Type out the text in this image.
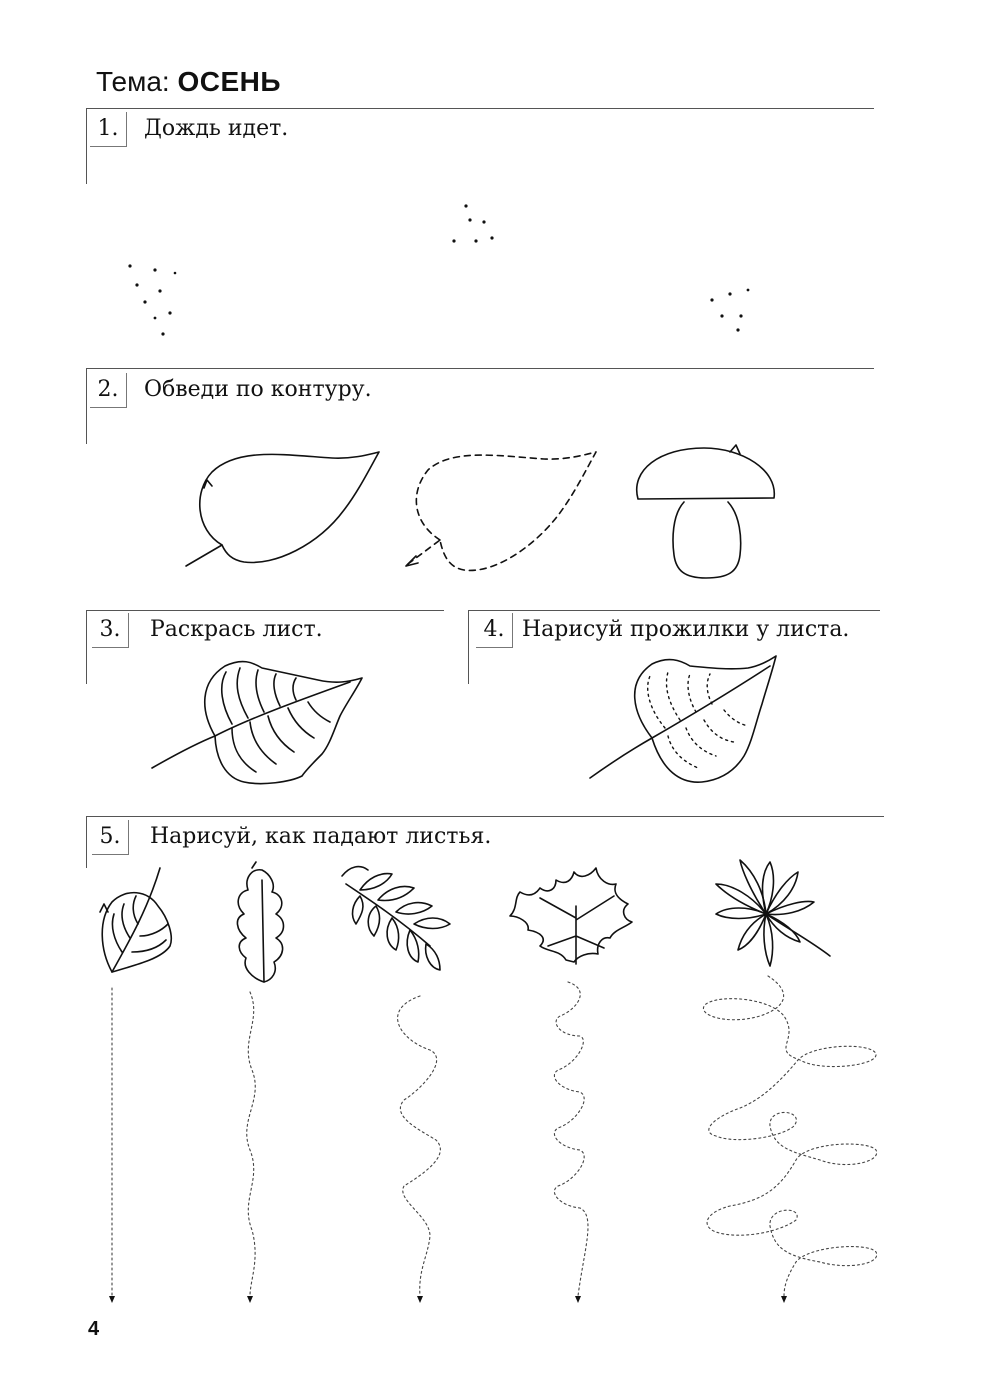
Тема: ОСЕНЬ
1.	Дождь идет.
2.	Обведи по контуру.
3.	Раскрась лист.	4. Нарисуй прожилки у листа.
5.	Нарисуй, как падают листья.
4
